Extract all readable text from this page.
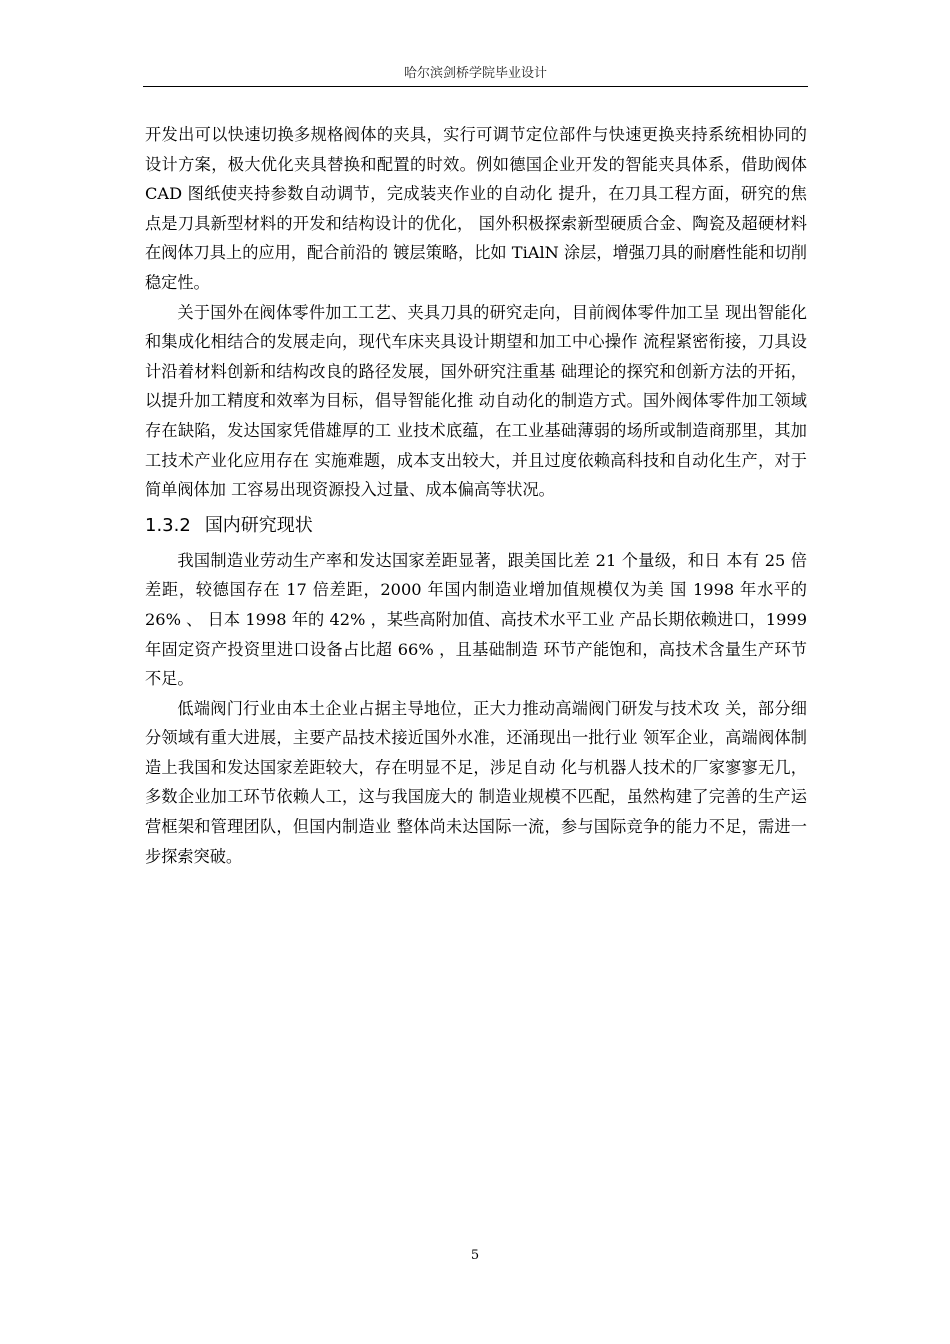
哈尔滨剑桥学院毕业设计

开发出可以快速切换多规格阀体的夹具，实行可调节定位部件与快速更换夹持系统相协同的设计方案，极大优化夹具替换和配置的时效。例如德国企业开发的智能夹具体系，借助阀体 CAD 图纸使夹持参数自动调节，完成装夹作业的自动化 提升，在刀具工程方面，研究的焦点是刀具新型材料的开发和结构设计的优化， 国外积极探索新型硬质合金、陶瓷及超硬材料在阀体刀具上的应用，配合前沿的 镀层策略，比如 TiAlN 涂层，增强刀具的耐磨性能和切削稳定性。

关于国外在阀体零件加工工艺、夹具刀具的研究走向，目前阀体零件加工呈 现出智能化和集成化相结合的发展走向，现代车床夹具设计期望和加工中心操作 流程紧密衔接，刀具设计沿着材料创新和结构改良的路径发展，国外研究注重基 础理论的探究和创新方法的开拓，以提升加工精度和效率为目标，倡导智能化推 动自动化的制造方式。国外阀体零件加工领域存在缺陷，发达国家凭借雄厚的工 业技术底蕴，在工业基础薄弱的场所或制造商那里，其加工技术产业化应用存在 实施难题，成本支出较大，并且过度依赖高科技和自动化生产，对于简单阀体加 工容易出现资源投入过量、成本偏高等状况。

1.3.2 国内研究现状

我国制造业劳动生产率和发达国家差距显著，跟美国比差 21 个量级，和日 本有 25 倍差距，较德国存在 17 倍差距，2000 年国内制造业增加值规模仅为美 国 1998 年水平的 26% 、 日本 1998 年的 42% ，某些高附加值、高技术水平工业 产品长期依赖进口，1999 年固定资产投资里进口设备占比超 66% ，且基础制造 环节产能饱和，高技术含量生产环节不足。

低端阀门行业由本土企业占据主导地位，正大力推动高端阀门研发与技术攻 关，部分细分领域有重大进展，主要产品技术接近国外水准，还涌现出一批行业 领军企业，高端阀体制造上我国和发达国家差距较大，存在明显不足，涉足自动 化与机器人技术的厂家寥寥无几，多数企业加工环节依赖人工，这与我国庞大的 制造业规模不匹配，虽然构建了完善的生产运营框架和管理团队，但国内制造业 整体尚未达国际一流，参与国际竞争的能力不足，需进一步探索突破。

5
